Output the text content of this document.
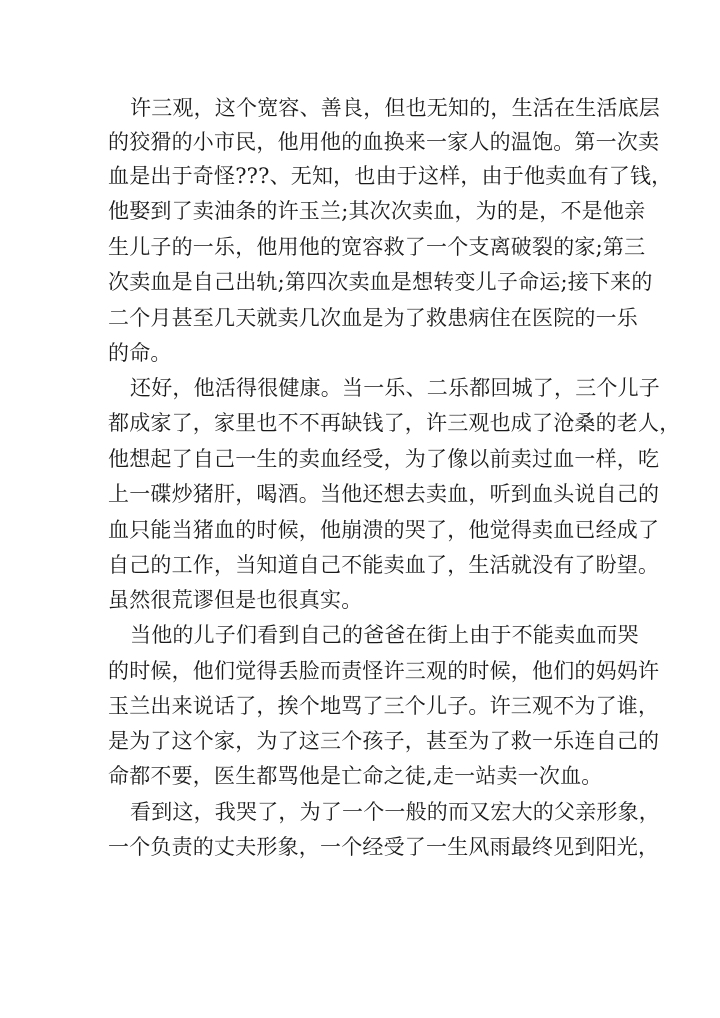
许三观，这个宽容、善良，但也无知的，生活在生活底层
的狡猾的小市民，他用他的血换来一家人的温饱。第一次卖
血是出于奇怪???、无知，也由于这样，由于他卖血有了钱，
他娶到了卖油条的许玉兰;其次次卖血，为的是，不是他亲
生儿子的一乐，他用他的宽容救了一个支离破裂的家;第三
次卖血是自己出轨;第四次卖血是想转变儿子命运;接下来的
二个月甚至几天就卖几次血是为了救患病住在医院的一乐
的命。
还好，他活得很健康。当一乐、二乐都回城了，三个儿子
都成家了，家里也不不再缺钱了，许三观也成了沧桑的老人，
他想起了自己一生的卖血经受，为了像以前卖过血一样，吃
上一碟炒猪肝，喝酒。当他还想去卖血，听到血头说自己的
血只能当猪血的时候，他崩溃的哭了，他觉得卖血已经成了
自己的工作，当知道自己不能卖血了，生活就没有了盼望。
虽然很荒谬但是也很真实。
当他的儿子们看到自己的爸爸在街上由于不能卖血而哭
的时候，他们觉得丢脸而责怪许三观的时候，他们的妈妈许
玉兰出来说话了，挨个地骂了三个儿子。许三观不为了谁，
是为了这个家，为了这三个孩子，甚至为了救一乐连自己的
命都不要，医生都骂他是亡命之徒,走一站卖一次血。
看到这，我哭了，为了一个一般的而又宏大的父亲形象，
一个负责的丈夫形象，一个经受了一生风雨最终见到阳光，
